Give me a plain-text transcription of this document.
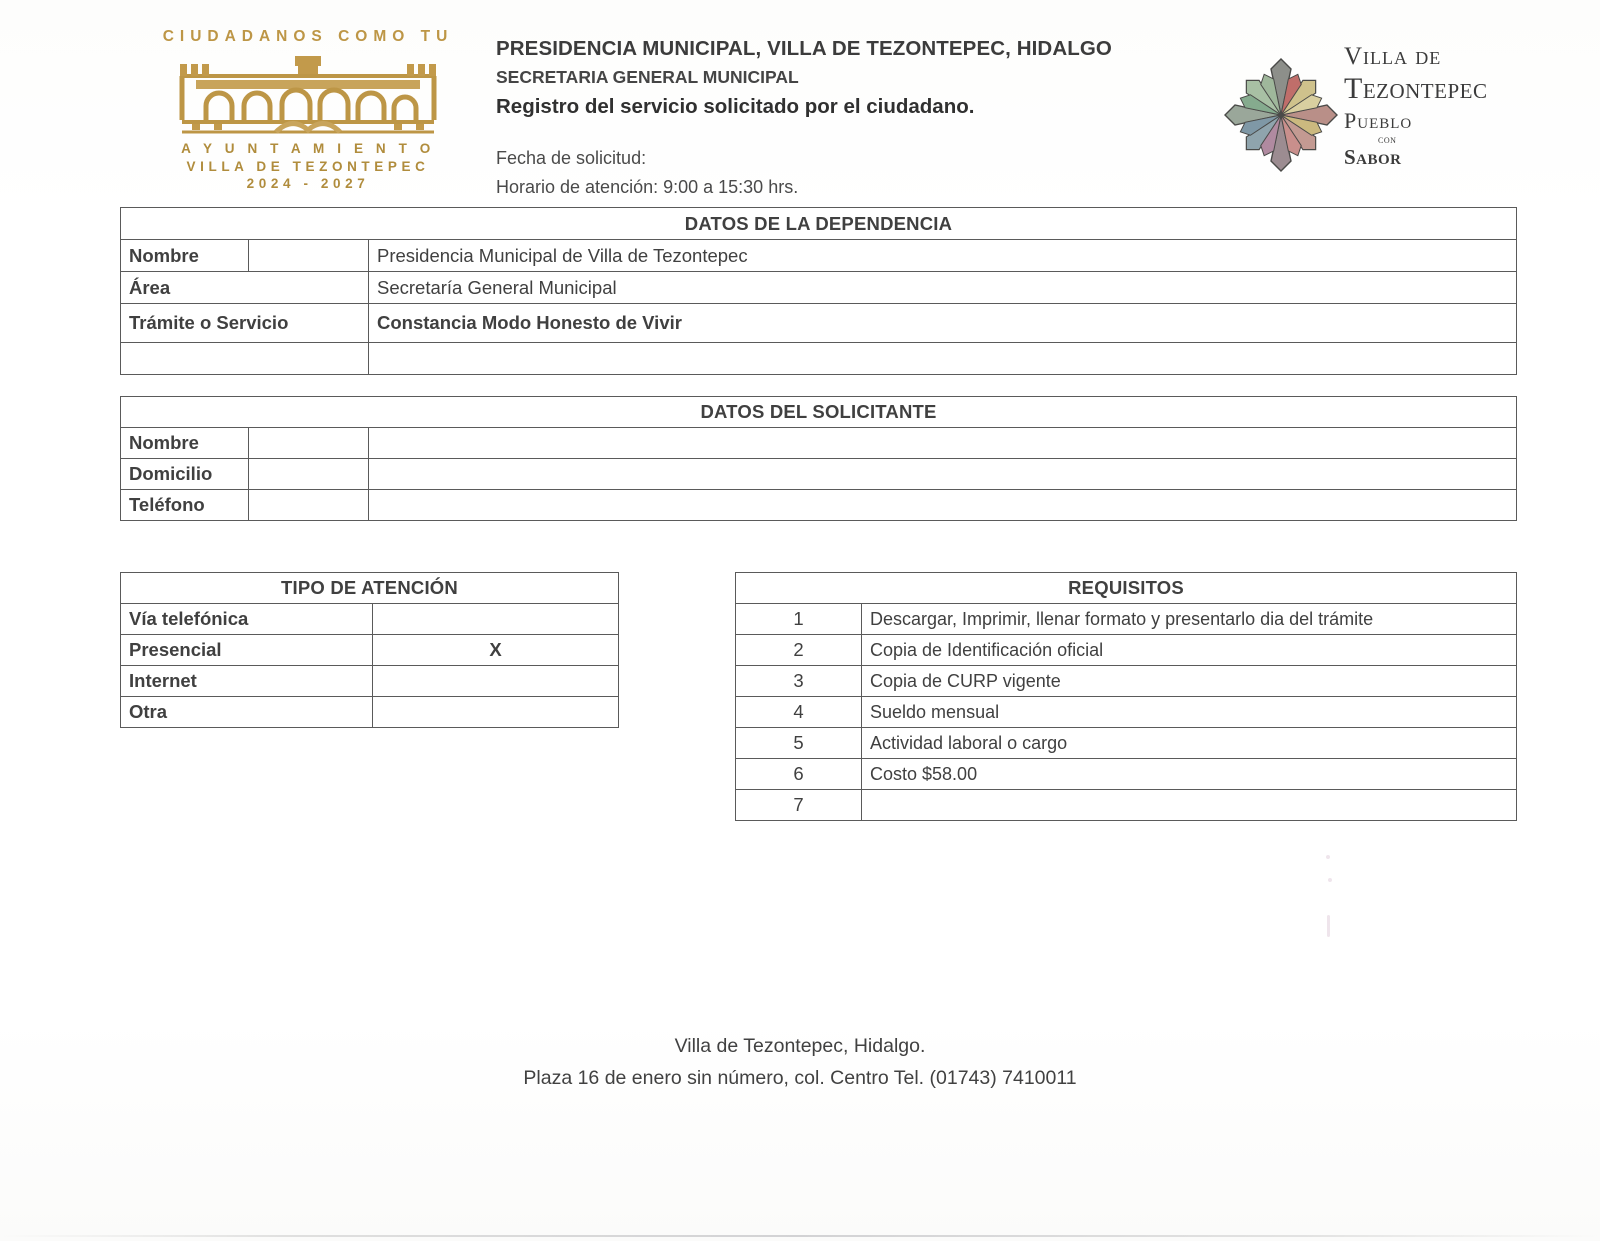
CIUDADANOS COMO TU
A Y U N T A M I E N T O
VILLA DE TEZONTEPEC
2024 - 2027
PRESIDENCIA MUNICIPAL, VILLA DE TEZONTEPEC, HIDALGO
SECRETARIA GENERAL MUNICIPAL
Registro del servicio solicitado por el ciudadano.
Fecha de solicitud:
Horario de atención: 9:00 a 15:30 hrs.
Villa de
Tezontepec
Pueblo
con
Sabor
DATOS DE LA DEPENDENCIA		
Nombre		Presidencia Municipal de Villa de Tezontepec
Área		Secretaría General Municipal
Trámite o Servicio		Constancia Modo Honesto de Vivir

DATOS DEL SOLICITANTE		
Nombre		
Domicilio		
Teléfono		
TIPO DE ATENCIÓN	
Vía telefónica	
Presencial	X
Internet	
Otra	
REQUISITOS	
1	Descargar, Imprimir, llenar formato y presentarlo dia del trámite
2	Copia de Identificación oficial
3	Copia de CURP vigente
4	Sueldo mensual
5	Actividad laboral o cargo
6	Costo $58.00
7	
Villa de Tezontepec, Hidalgo.
Plaza 16 de enero sin número, col. Centro Tel. (01743) 7410011
